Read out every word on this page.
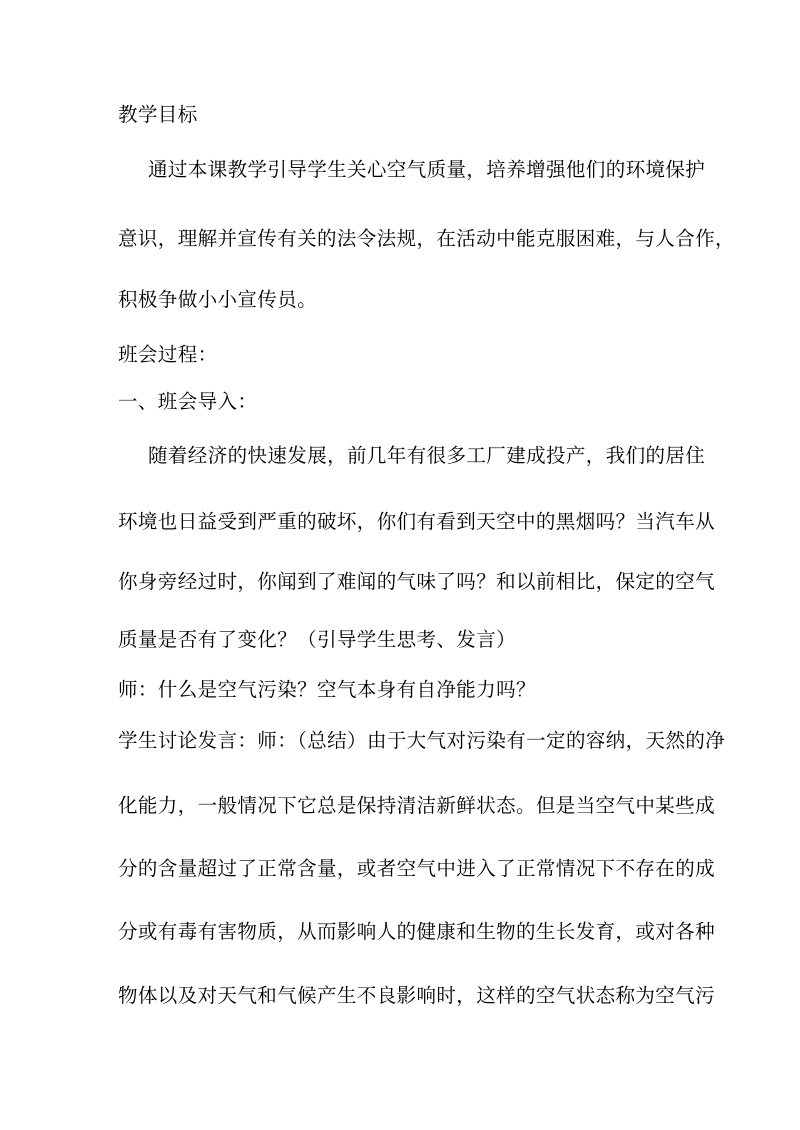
教学目标
通过本课教学引导学生关心空气质量，培养增强他们的环境保护
意识，理解并宣传有关的法令法规，在活动中能克服困难，与人合作，
积极争做小小宣传员。
班会过程：
一、班会导入：
随着经济的快速发展，前几年有很多工厂建成投产，我们的居住
环境也日益受到严重的破坏，你们有看到天空中的黑烟吗？当汽车从
你身旁经过时，你闻到了难闻的气味了吗？和以前相比，保定的空气
质量是否有了变化？（引导学生思考、发言）
师：什么是空气污染？空气本身有自净能力吗？
学生讨论发言：师：（总结）由于大气对污染有一定的容纳，天然的净
化能力，一般情况下它总是保持清洁新鲜状态。但是当空气中某些成
分的含量超过了正常含量，或者空气中进入了正常情况下不存在的成
分或有毒有害物质，从而影响人的健康和生物的生长发育，或对各种
物体以及对天气和气候产生不良影响时，这样的空气状态称为空气污
